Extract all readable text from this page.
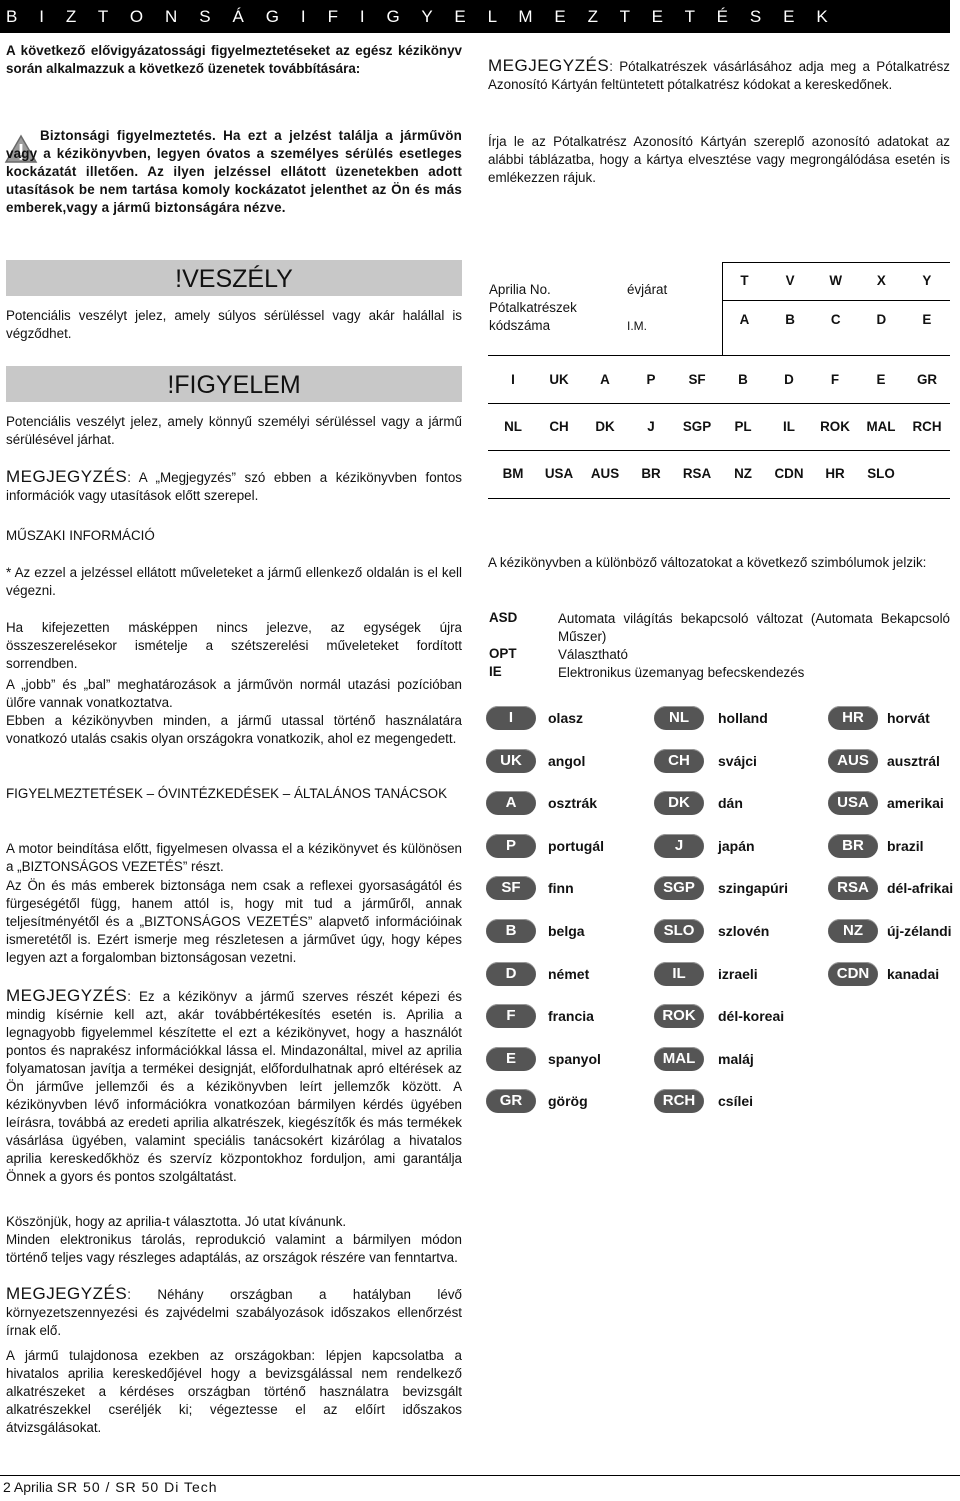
B I Z T O N S Á G I F I G Y E L M E Z T E T É S E K

A következő elővigyázatossági figyelmeztetéseket az egész kézikönyv során alkalmazzuk a következő üzenetek továbbítására:

Biztonsági figyelmeztetés. Ha ezt a jelzést találja a járművön vagy a kézikönyvben, legyen óvatos a személyes sérülés esetleges kockázatát illetően. Az ilyen jelzéssel ellátott üzenetekben adott utasítások be nem tartása komoly kockázatot jelenthet az Ön és más emberek,vagy a jármű biztonságára nézve.

!VESZÉLY

Potenciális veszélyt jelez, amely súlyos sérüléssel vagy akár halállal is végződhet.

!FIGYELEM

Potenciális veszélyt jelez, amely könnyű személyi sérüléssel vagy a jármű sérülésével járhat.

MEGJEGYZÉS: A „Megjegyzés” szó ebben a kézikönyvben fontos információk vagy utasítások előtt szerepel.

MŰSZAKI INFORMÁCIÓ

* Az ezzel a jelzéssel ellátott műveleteket a jármű ellenkező oldalán is el kell végezni.

Ha kifejezetten másképpen nincs jelezve, az egységek újra összeszerelésekor ismételje a szétszerelési műveleteket fordított sorrendben.

A „jobb” és „bal” meghatározások a járművön normál utazási pozícióban ülőre vannak vonatkoztatva.

Ebben a kézikönyvben minden, a jármű utassal történő használatára vonatkozó utalás csakis olyan országokra vonatkozik, ahol ez megengedett.

FIGYELMEZTETÉSEK – ÓVINTÉZKEDÉSEK – ÁLTALÁNOS TANÁCSOK

A motor beindítása előtt, figyelmesen olvassa el a kézikönyvet és különösen a „BIZTONSÁGOS VEZETÉS” részt.

Az Ön és más emberek biztonsága nem csak a reflexei gyorsaságától és fürgeségétől függ, hanem attól is, hogy mit tud a járműről, annak teljesítményétől és a „BIZTONSÁGOS VEZETÉS” alapvető információinak ismeretétől is. Ezért ismerje meg részletesen a járművet úgy, hogy képes legyen azt a forgalomban biztonságosan vezetni.

MEGJEGYZÉS: Ez a kézikönyv a jármű szerves részét képezi és mindig kísérnie kell azt, akár továbbértékesítés esetén is. Aprilia a legnagyobb figyelemmel készítette el ezt a kézikönyvet, hogy a használót pontos és naprakész információkkal lássa el. Mindazonáltal, mivel az aprilia folyamatosan javítja a termékei designját, előfordulhatnak apró eltérések az Ön járműve jellemzői és a kézikönyvben leírt jellemzők között. A kézikönyvben lévő információkra vonatkozóan bármilyen kérdés ügyében leírásra, továbbá az eredeti aprilia alkatrészek, kiegészítők és más termékek vásárlása ügyében, valamint speciális tanácsokért kizárólag a hivatalos aprilia kereskedőkhöz és szervíz központokhoz forduljon, ami garantálja Önnek a gyors és pontos szolgáltatást.

Köszönjük, hogy az aprilia-t választotta. Jó utat kívánunk.

Minden elektronikus tárolás, reprodukció valamint a bármilyen módon történő teljes vagy részleges adaptálás, az országok részére van fenntartva.

MEGJEGYZÉS: Néhány országban a hatályban lévő környezetszennyezési és zajvédelmi szabályozások időszakos ellenőrzést írnak elő.

A jármű tulajdonosa ezekben az országokban: lépjen kapcsolatba a hivatalos aprilia kereskedőjével hogy a bevizsgálással nem rendelkező alkatrészeket a kérdéses országban történő használatra bevizsgált alkatrészekkel cseréljék ki; végeztesse el az előírt időszakos átvizsgálásokat.

MEGJEGYZÉS: Pótalkatrészek vásárlásához adja meg a Pótalkatrész Azonosító Kártyán feltüntetett pótalkatrész kódokat a kereskedőnek.

Írja le az Pótalkatrész Azonosító Kártyán szereplő azonosító adatokat az alábbi táblázatba, hogy a kártya elvesztése vagy megrongálódása esetén is emlékezzen rájuk.

Aprilia No.	évjárat
Pótalkatrészek kódszáma	I.M.
T	V	W	X	Y
A	B	C	D	E
I	UK	A	P	SF	B	D	F	E	GR
NL	CH	DK	J	SGP	PL	IL	ROK	MAL	RCH
BM	USA	AUS	BR	RSA	NZ	CDN	HR	SLO

A kézikönyvben a különböző változatokat a következő szimbólumok jelzik:

ASD	Automata világítás bekapcsoló változat (Automata Bekapcsoló Műszer)
OPT	Választható
IE	Elektronikus üzemanyag befecskendezés
I	olasz
UK	angol
A	osztrák
P	portugál
SF	finn
B	belga
D	német
F	francia
E	spanyol
GR	görög
NL	holland
CH	svájci
DK	dán
J	japán
SGP	szingapúri
SLO	szlovén
IL	izraeli
ROK	dél-koreai
MAL	maláj
RCH	csílei
HR	horvát
AUS	ausztrál
USA	amerikai
BR	brazil
RSA	dél-afrikai
NZ	új-zélandi
CDN	kanadai
2 Aprilia SR 50 / SR 50 Di Tech
